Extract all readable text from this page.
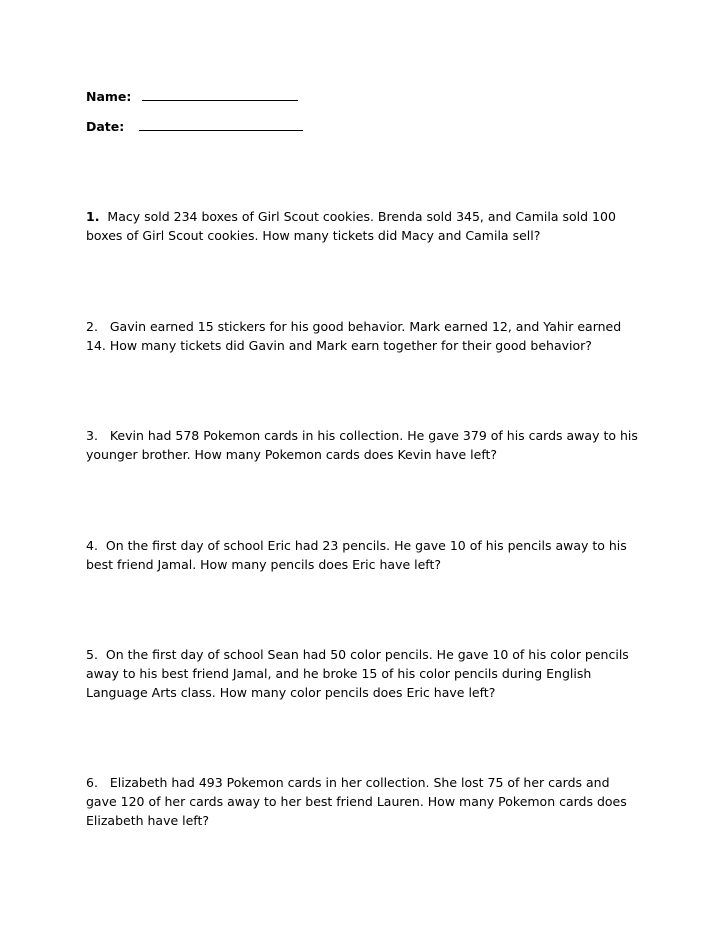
Name:
Date:
1. Macy sold 234 boxes of Girl Scout cookies. Brenda sold 345, and Camila sold 100
boxes of Girl Scout cookies. How many tickets did Macy and Camila sell?
2. Gavin earned 15 stickers for his good behavior. Mark earned 12, and Yahir earned
14. How many tickets did Gavin and Mark earn together for their good behavior?
3. Kevin had 578 Pokemon cards in his collection. He gave 379 of his cards away to his
younger brother. How many Pokemon cards does Kevin have left?
4. On the first day of school Eric had 23 pencils. He gave 10 of his pencils away to his
best friend Jamal. How many pencils does Eric have left?
5. On the first day of school Sean had 50 color pencils. He gave 10 of his color pencils
away to his best friend Jamal, and he broke 15 of his color pencils during English
Language Arts class. How many color pencils does Eric have left?
6. Elizabeth had 493 Pokemon cards in her collection. She lost 75 of her cards and
gave 120 of her cards away to her best friend Lauren. How many Pokemon cards does
Elizabeth have left?
